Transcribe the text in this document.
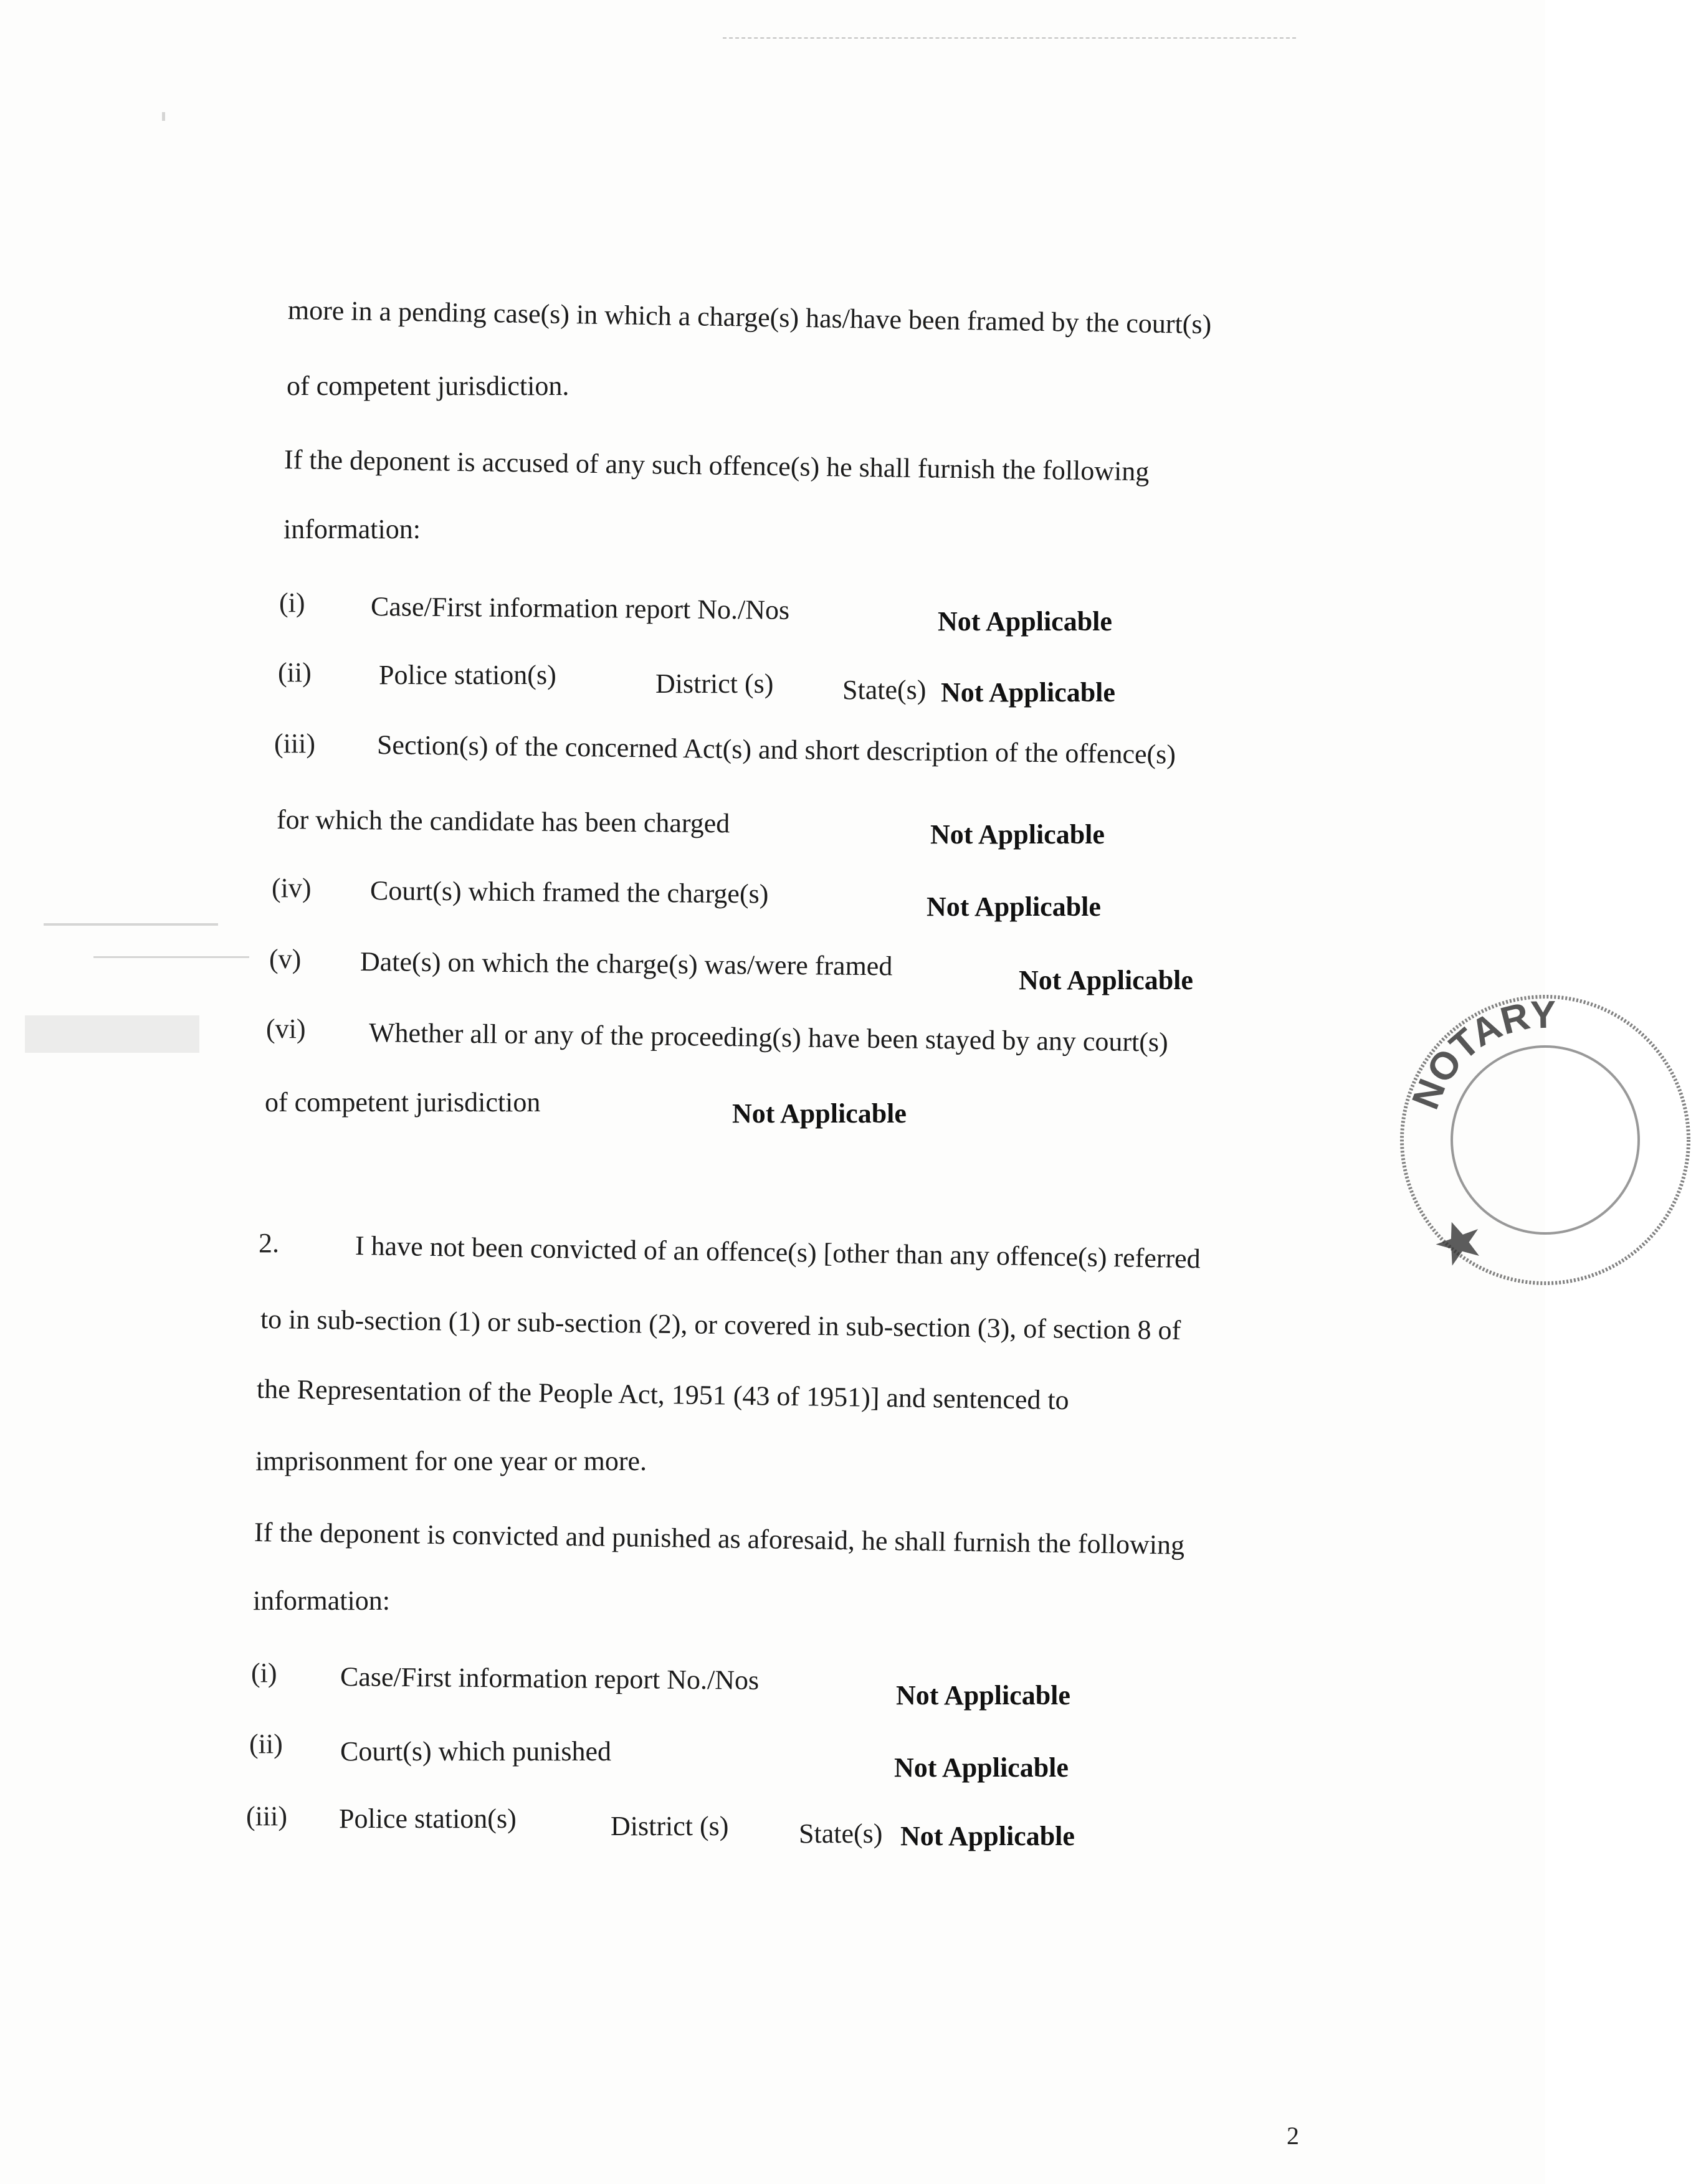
more in a pending case(s) in which a charge(s) has/have been framed by the court(s)
of competent jurisdiction.
If the deponent is accused of any such offence(s) he shall furnish the following
information:
(i) Case/First information report No./Nos	Not Applicable
(ii) Police station(s)	District (s)	State(s) Not Applicable
(iii) Section(s) of the concerned Act(s) and short description of the offence(s)
for which the candidate has been charged	Not Applicable
(iv) Court(s) which framed the charge(s)	Not Applicable
(v) Date(s) on which the charge(s) was/were framed	Not Applicable
(vi) Whether all or any of the proceeding(s) have been stayed by any court(s)
of competent jurisdiction	Not Applicable
2.	I have not been convicted of an offence(s) [other than any offence(s) referred
to in sub-section (1) or sub-section (2), or covered in sub-section (3), of section 8 of
the Representation of the People Act, 1951 (43 of 1951)] and sentenced to
imprisonment for one year or more.
If the deponent is convicted and punished as aforesaid, he shall furnish the following
information:
(i) Case/First information report No./Nos	Not Applicable
(ii) Court(s) which punished
Not Applicable
(iii) Police station(s)	District (s)	State(s) Not Applicable
NOTARY
2
